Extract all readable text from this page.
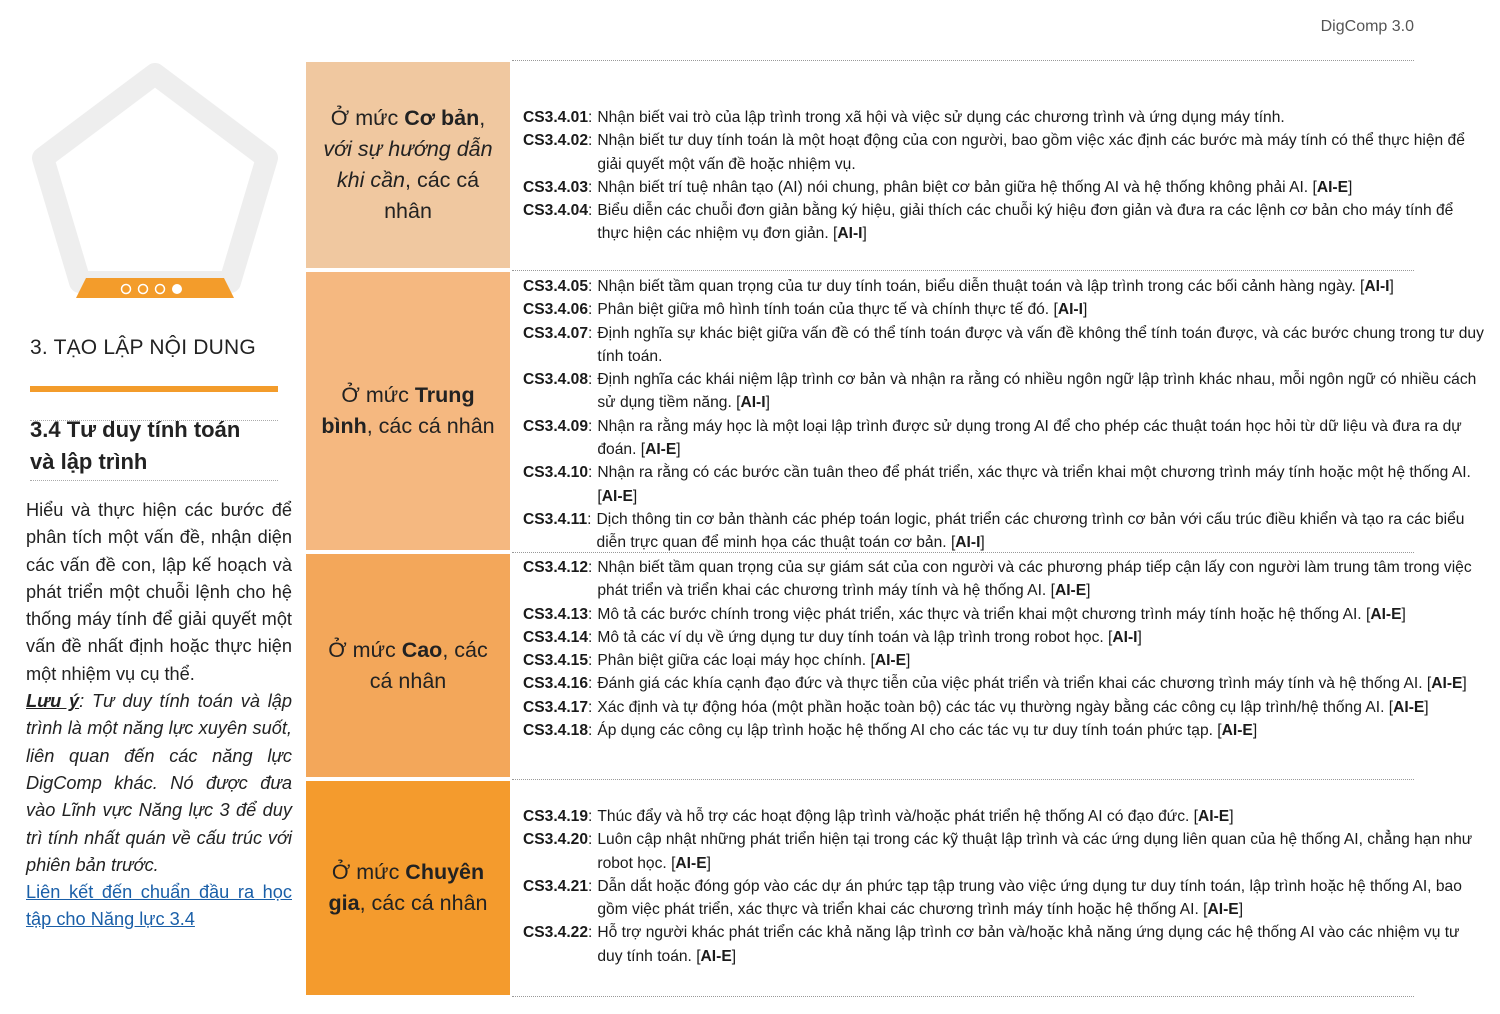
DigComp 3.0
3. TẠO LẬP NỘI DUNG
3.4 Tư duy tính toán
và lập trình
Hiểu và thực hiện các bước để phân tích một vấn đề, nhận diện các vấn đề con, lập kế hoạch và phát triển một chuỗi lệnh cho hệ thống máy tính để giải quyết một vấn đề nhất định hoặc thực hiện một nhiệm vụ cụ thể.
Lưu ý: Tư duy tính toán và lập trình là một năng lực xuyên suốt, liên quan đến các năng lực DigComp khác. Nó được đưa vào Lĩnh vực Năng lực 3 để duy trì tính nhất quán về cấu trúc với phiên bản trước.
Liên kết đến chuẩn đầu ra học tập cho Năng lực 3.4
Ở mức Cơ bản,
với sự hướng dẫn khi cần, các cá nhân
Ở mức Trung bình, các cá nhân
Ở mức Cao, các cá nhân
Ở mức Chuyên gia, các cá nhân
CS3.4.01 : Nhận biết vai trò của lập trình trong xã hội và việc sử dụng các chương trình và ứng dụng máy tính.
CS3.4.02 : Nhận biết tư duy tính toán là một hoạt động của con người, bao gồm việc xác định các bước mà máy tính có thể thực hiện để giải quyết một vấn đề hoặc nhiệm vụ.
CS3.4.03 : Nhận biết trí tuệ nhân tạo (AI) nói chung, phân biệt cơ bản giữa hệ thống AI và hệ thống không phải AI. [AI-E]
CS3.4.04 : Biểu diễn các chuỗi đơn giản bằng ký hiệu, giải thích các chuỗi ký hiệu đơn giản và đưa ra các lệnh cơ bản cho máy tính để thực hiện các nhiệm vụ đơn giản. [AI-I]
CS3.4.05 : Nhận biết tầm quan trọng của tư duy tính toán, biểu diễn thuật toán và lập trình trong các bối cảnh hàng ngày. [AI-I]
CS3.4.06 : Phân biệt giữa mô hình tính toán của thực tế và chính thực tế đó. [AI-I]
CS3.4.07 : Định nghĩa sự khác biệt giữa vấn đề có thể tính toán được và vấn đề không thể tính toán được, và các bước chung trong tư duy tính toán.
CS3.4.08 : Định nghĩa các khái niệm lập trình cơ bản và nhận ra rằng có nhiều ngôn ngữ lập trình khác nhau, mỗi ngôn ngữ có nhiều cách sử dụng tiềm năng. [AI-I]
CS3.4.09 : Nhận ra rằng máy học là một loại lập trình được sử dụng trong AI để cho phép các thuật toán học hỏi từ dữ liệu và đưa ra dự đoán. [AI-E]
CS3.4.10 : Nhận ra rằng có các bước cần tuân theo để phát triển, xác thực và triển khai một chương trình máy tính hoặc một hệ thống AI. [AI-E]
CS3.4.11 : Dịch thông tin cơ bản thành các phép toán logic, phát triển các chương trình cơ bản với cấu trúc điều khiển và tạo ra các biểu diễn trực quan để minh họa các thuật toán cơ bản. [AI-I]
CS3.4.12 : Nhận biết tầm quan trọng của sự giám sát của con người và các phương pháp tiếp cận lấy con người làm trung tâm trong việc phát triển và triển khai các chương trình máy tính và hệ thống AI. [AI-E]
CS3.4.13 : Mô tả các bước chính trong việc phát triển, xác thực và triển khai một chương trình máy tính hoặc hệ thống AI. [AI-E]
CS3.4.14 : Mô tả các ví dụ về ứng dụng tư duy tính toán và lập trình trong robot học. [AI-I]
CS3.4.15 : Phân biệt giữa các loại máy học chính. [AI-E]
CS3.4.16 : Đánh giá các khía cạnh đạo đức và thực tiễn của việc phát triển và triển khai các chương trình máy tính và hệ thống AI. [AI-E]
CS3.4.17 : Xác định và tự động hóa (một phần hoặc toàn bộ) các tác vụ thường ngày bằng các công cụ lập trình/hệ thống AI. [AI-E]
CS3.4.18 : Áp dụng các công cụ lập trình hoặc hệ thống AI cho các tác vụ tư duy tính toán phức tạp. [AI-E]
CS3.4.19 : Thúc đẩy và hỗ trợ các hoạt động lập trình và/hoặc phát triển hệ thống AI có đạo đức. [AI-E]
CS3.4.20 : Luôn cập nhật những phát triển hiện tại trong các kỹ thuật lập trình và các ứng dụng liên quan của hệ thống AI, chẳng hạn như robot học. [AI-E]
CS3.4.21 : Dẫn dắt hoặc đóng góp vào các dự án phức tạp tập trung vào việc ứng dụng tư duy tính toán, lập trình hoặc hệ thống AI, bao gồm việc phát triển, xác thực và triển khai các chương trình máy tính hoặc hệ thống AI. [AI-E]
CS3.4.22 : Hỗ trợ người khác phát triển các khả năng lập trình cơ bản và/hoặc khả năng ứng dụng các hệ thống AI vào các nhiệm vụ tư duy tính toán. [AI-E]
